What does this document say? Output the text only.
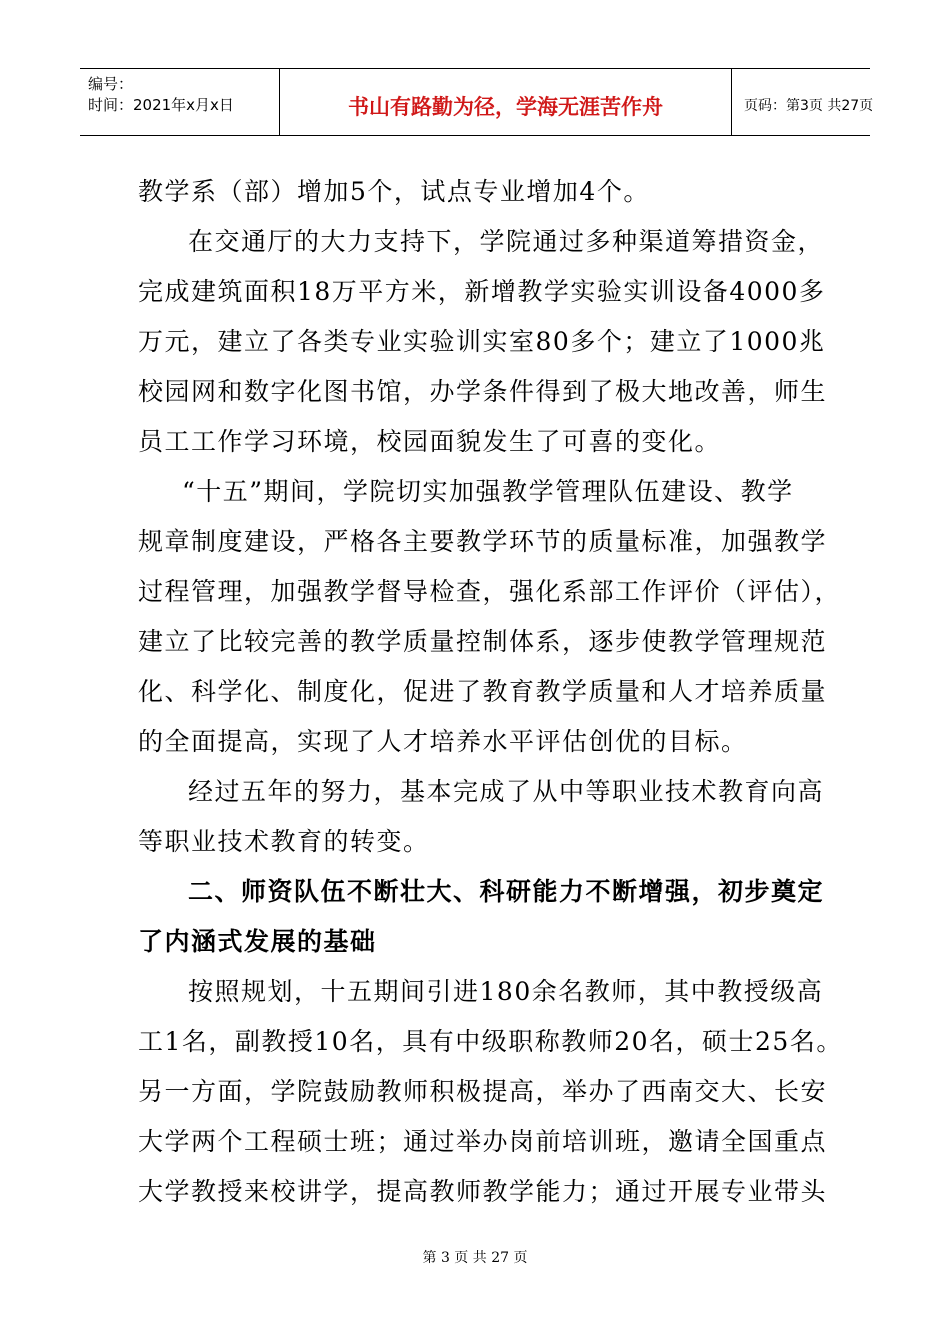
编号：
时间：2021年x月x日	书山有路勤为径，学海无涯苦作舟	页码：第3页 共27页
教学系（部）增加5个，试点专业增加4个。
在交通厅的大力支持下，学院通过多种渠道筹措资金，
完成建筑面积18万平方米，新增教学实验实训设备4000多
万元，建立了各类专业实验训实室80多个；建立了1000兆
校园网和数字化图书馆，办学条件得到了极大地改善，师生
员工工作学习环境，校园面貌发生了可喜的变化。
“十五”期间，学院切实加强教学管理队伍建设、教学
规章制度建设，严格各主要教学环节的质量标准，加强教学
过程管理，加强教学督导检查，强化系部工作评价（评估），
建立了比较完善的教学质量控制体系，逐步使教学管理规范
化、科学化、制度化，促进了教育教学质量和人才培养质量
的全面提高，实现了人才培养水平评估创优的目标。
经过五年的努力，基本完成了从中等职业技术教育向高
等职业技术教育的转变。
二、师资队伍不断壮大、科研能力不断增强，初步奠定
了内涵式发展的基础
按照规划，十五期间引进180余名教师，其中教授级高
工1名，副教授10名，具有中级职称教师20名，硕士25名。
另一方面，学院鼓励教师积极提高，举办了西南交大、长安
大学两个工程硕士班；通过举办岗前培训班，邀请全国重点
大学教授来校讲学，提高教师教学能力；通过开展专业带头
第 3 页 共 27 页
